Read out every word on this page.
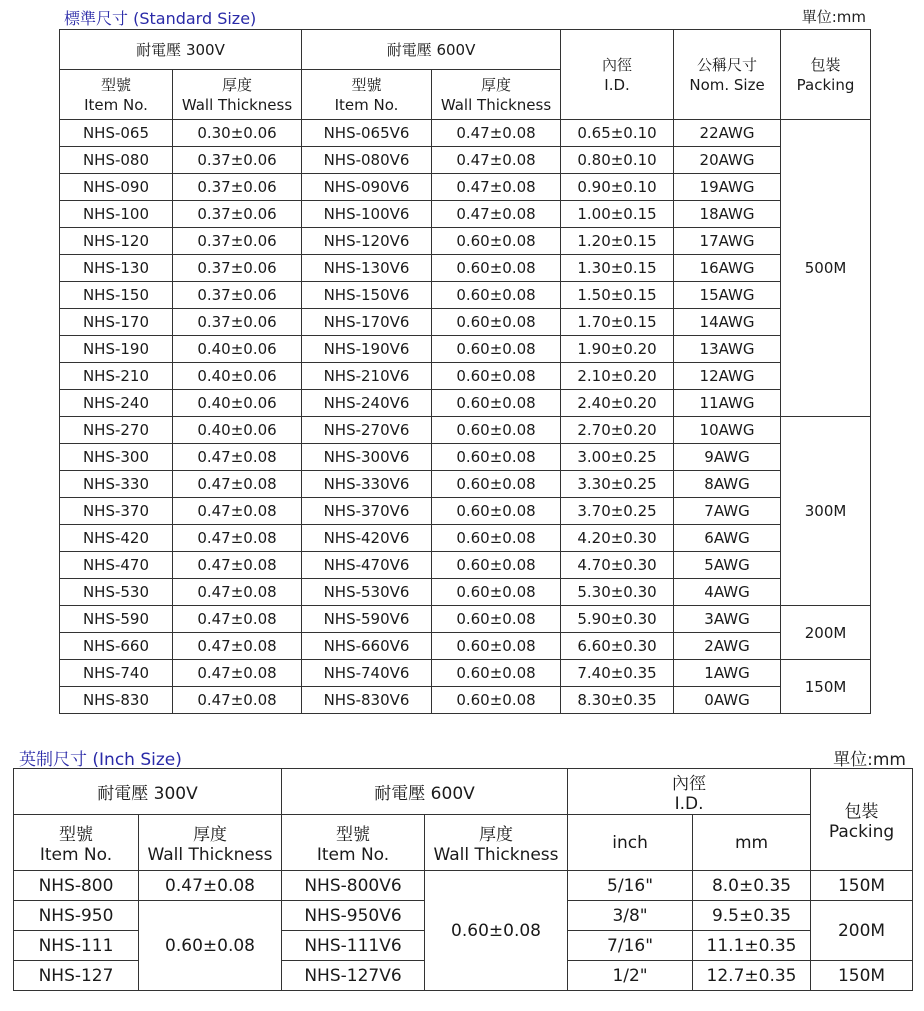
標準尺寸 (Standard Size)	單位:mm
耐電壓 300V		耐電壓 600V		內徑
I.D.	公稱尺寸
Nom. Size	包裝
Packing

型號
Item No.	厚度
Wall Thickness	型號
Item No.	厚度
Wall Thickness			

NHS-065	0.30±0.06	NHS-065V6	0.47±0.08	0.65±0.10	22AWG	500M
NHS-080	0.37±0.06	NHS-080V6	0.47±0.08	0.80±0.10	20AWG	
NHS-090	0.37±0.06	NHS-090V6	0.47±0.08	0.90±0.10	19AWG	
NHS-100	0.37±0.06	NHS-100V6	0.47±0.08	1.00±0.15	18AWG	
NHS-120	0.37±0.06	NHS-120V6	0.60±0.08	1.20±0.15	17AWG	
NHS-130	0.37±0.06	NHS-130V6	0.60±0.08	1.30±0.15	16AWG	
NHS-150	0.37±0.06	NHS-150V6	0.60±0.08	1.50±0.15	15AWG	
NHS-170	0.37±0.06	NHS-170V6	0.60±0.08	1.70±0.15	14AWG	
NHS-190	0.40±0.06	NHS-190V6	0.60±0.08	1.90±0.20	13AWG	
NHS-210	0.40±0.06	NHS-210V6	0.60±0.08	2.10±0.20	12AWG	
NHS-240	0.40±0.06	NHS-240V6	0.60±0.08	2.40±0.20	11AWG	
NHS-270	0.40±0.06	NHS-270V6	0.60±0.08	2.70±0.20	10AWG	300M
NHS-300	0.47±0.08	NHS-300V6	0.60±0.08	3.00±0.25	9AWG	
NHS-330	0.47±0.08	NHS-330V6	0.60±0.08	3.30±0.25	8AWG	
NHS-370	0.47±0.08	NHS-370V6	0.60±0.08	3.70±0.25	7AWG	
NHS-420	0.47±0.08	NHS-420V6	0.60±0.08	4.20±0.30	6AWG	
NHS-470	0.47±0.08	NHS-470V6	0.60±0.08	4.70±0.30	5AWG	
NHS-530	0.47±0.08	NHS-530V6	0.60±0.08	5.30±0.30	4AWG	
NHS-590	0.47±0.08	NHS-590V6	0.60±0.08	5.90±0.30	3AWG	200M
NHS-660	0.47±0.08	NHS-660V6	0.60±0.08	6.60±0.30	2AWG	
NHS-740	0.47±0.08	NHS-740V6	0.60±0.08	7.40±0.35	1AWG	150M
NHS-830	0.47±0.08	NHS-830V6	0.60±0.08	8.30±0.35	0AWG	
英制尺寸 (Inch Size)	單位:mm
耐電壓 300V		耐電壓 600V		內徑
I.D.		包裝
Packing

型號
Item No.	厚度
Wall Thickness	型號
Item No.	厚度
Wall Thickness	inch	mm	
NHS-800	0.47±0.08	NHS-800V6	0.60±0.08	5/16"	8.0±0.35	150M
NHS-950	0.60±0.08	NHS-950V6		3/8"	9.5±0.35	200M
NHS-111		NHS-111V6		7/16"	11.1±0.35	
NHS-127		NHS-127V6		1/2"	12.7±0.35	150M
